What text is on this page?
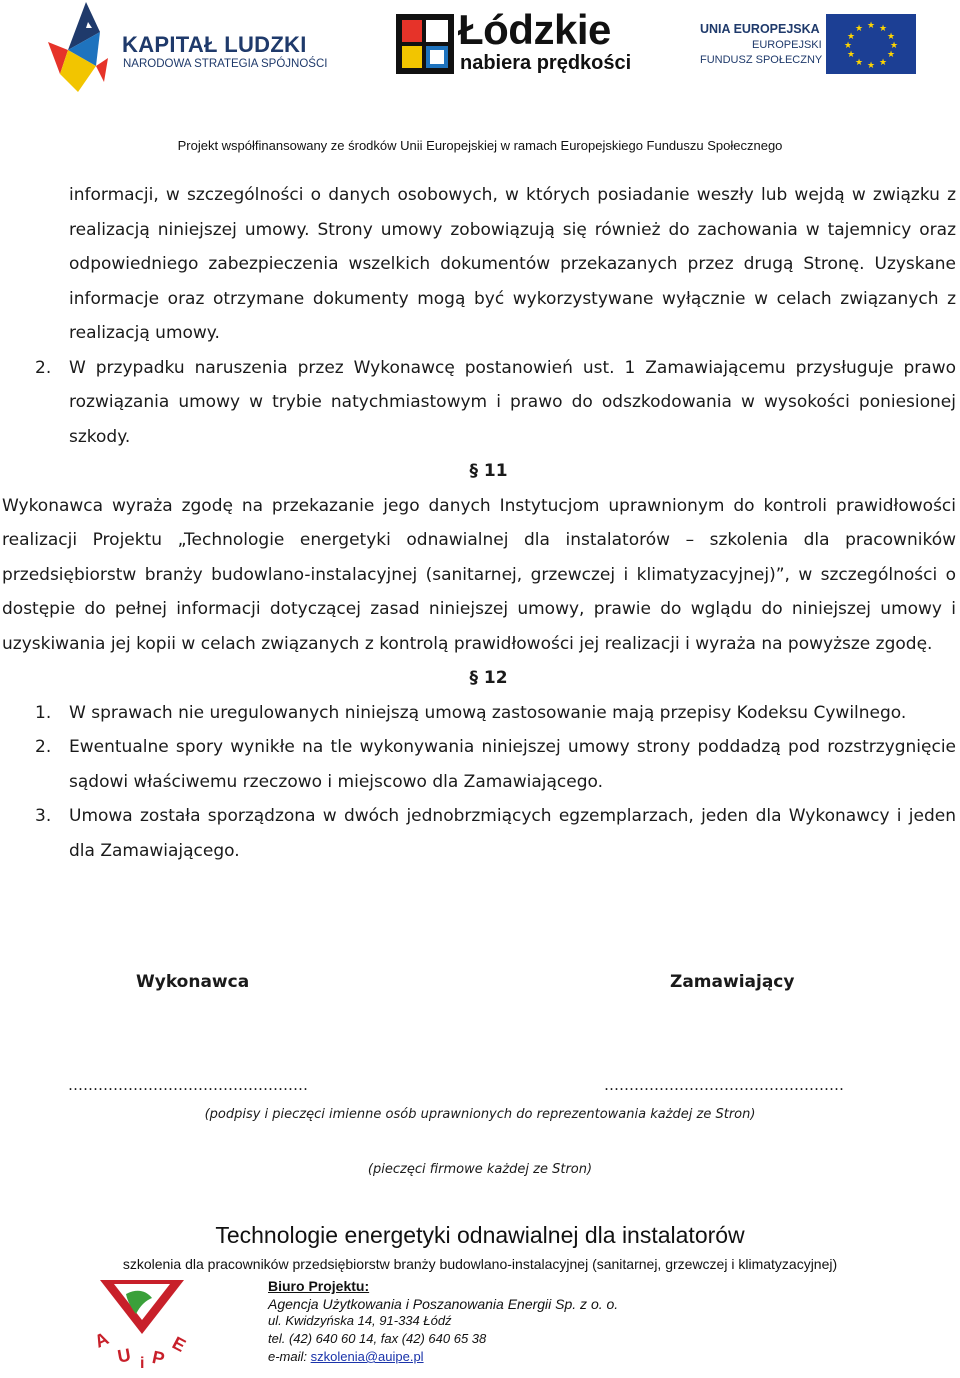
KAPITAŁ LUDZKI
NARODOWA STRATEGIA SPÓJNOŚCI
Łódzkie
nabiera prędkości
UNIA EUROPEJSKA
EUROPEJSKI
FUNDUSZ SPOŁECZNY
★ ★
★
★
★
★
★
★
★
★
★
★
Projekt współfinansowany ze środków Unii Europejskiej w ramach Europejskiego Funduszu Społecznego

informacji, w szczególności o danych osobowych, w których posiadanie weszły lub wejdą w związku z realizacją niniejszej umowy. Strony umowy zobowiązują się również do zachowania w tajemnicy oraz odpowiedniego zabezpieczenia wszelkich dokumentów przekazanych przez drugą Stronę. Uzyskane informacje oraz otrzymane dokumenty mogą być wykorzystywane wyłącznie w celach związanych z realizacją umowy.

2. W przypadku naruszenia przez Wykonawcę postanowień ust. 1 Zamawiającemu przysługuje prawo rozwiązania umowy w trybie natychmiastowym i prawo do odszkodowania w wysokości poniesionej szkody.

§ 11

Wykonawca wyraża zgodę na przekazanie jego danych Instytucjom uprawnionym do kontroli prawidłowości realizacji Projektu „Technologie energetyki odnawialnej dla instalatorów – szkolenia dla pracowników przedsiębiorstw branży budowlano-instalacyjnej (sanitarnej, grzewczej i klimatyzacyjnej)”, w szczególności o dostępie do pełnej informacji dotyczącej zasad niniejszej umowy, prawie do wglądu do niniejszej umowy i uzyskiwania jej kopii w celach związanych z kontrolą prawidłowości jej realizacji i wyraża na powyższe zgodę.

§ 12

1. W sprawach nie uregulowanych niniejszą umową zastosowanie mają przepisy Kodeksu Cywilnego.
2. Ewentualne spory wynikłe na tle wykonywania niniejszej umowy strony poddadzą pod rozstrzygnięcie sądowi właściwemu rzeczowo i miejscowo dla Zamawiającego.
3. Umowa została sporządzona w dwóch jednobrzmiących egzemplarzach, jeden dla Wykonawcy i jeden dla Zamawiającego.
Wykonawca	Zamawiający
…………………………………………	…………………………………………
(podpisy i pieczęci imienne osób uprawnionych do reprezentowania każdej ze Stron)
(pieczęci firmowe każdej ze Stron)
Technologie energetyki odnawialnej dla instalatorów
szkolenia dla pracowników przedsiębiorstw branży budowlano-instalacyjnej (sanitarnej, grzewczej i klimatyzacyjnej)
A
U i P
E
Biuro Projektu:
Agencja Użytkowania i Poszanowania Energii Sp. z o. o.
ul. Kwidzyńska 14, 91-334 Łódź
tel. (42) 640 60 14, fax (42) 640 65 38
e-mail: szkolenia@auipe.pl
